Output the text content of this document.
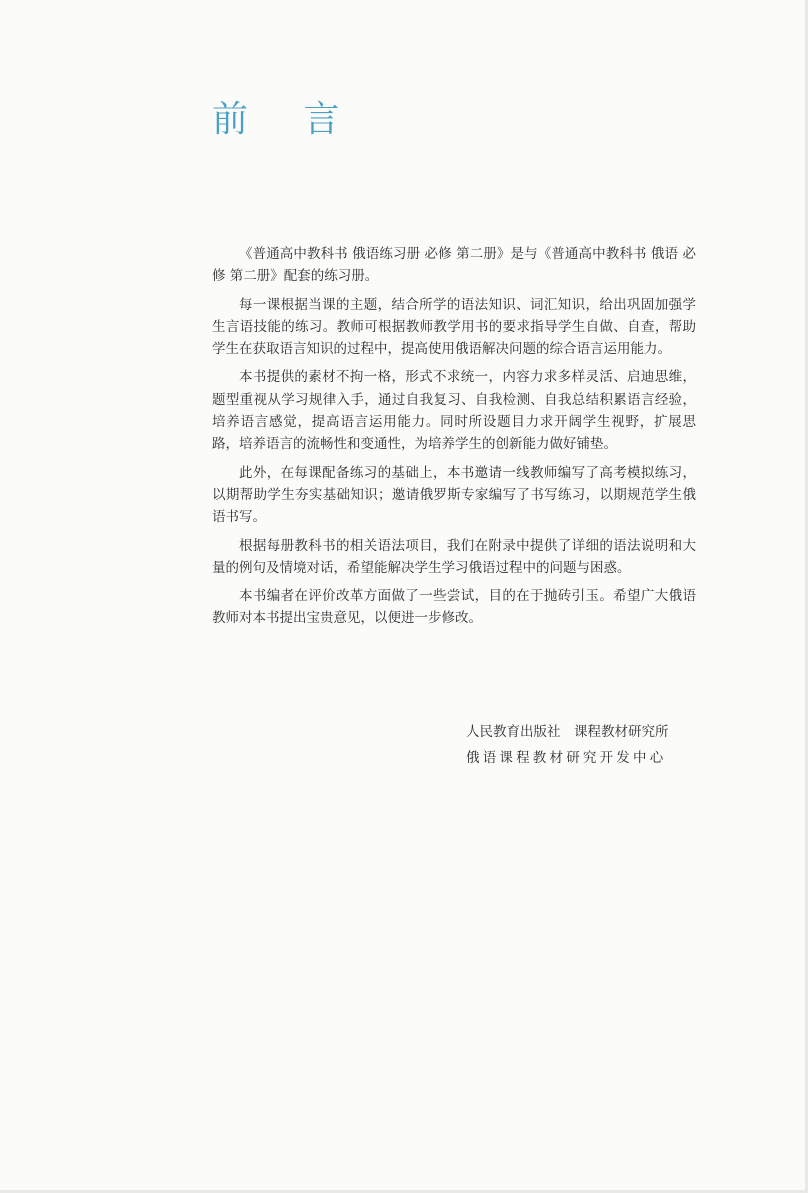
前 言

《普通高中教科书 俄语练习册 必修 第二册》是与《普通高中教科书 俄语 必修 第二册》配套的练习册。

每一课根据当课的主题，结合所学的语法知识、词汇知识，给出巩固加强学生言语技能的练习。教师可根据教师教学用书的要求指导学生自做、自查，帮助学生在获取语言知识的过程中，提高使用俄语解决问题的综合语言运用能力。

本书提供的素材不拘一格，形式不求统一，内容力求多样灵活、启迪思维，题型重视从学习规律入手，通过自我复习、自我检测、自我总结积累语言经验，培养语言感觉，提高语言运用能力。同时所设题目力求开阔学生视野，扩展思路，培养语言的流畅性和变通性，为培养学生的创新能力做好铺垫。

此外，在每课配备练习的基础上，本书邀请一线教师编写了高考模拟练习，以期帮助学生夯实基础知识；邀请俄罗斯专家编写了书写练习，以期规范学生俄语书写。

根据每册教科书的相关语法项目，我们在附录中提供了详细的语法说明和大量的例句及情境对话，希望能解决学生学习俄语过程中的问题与困惑。

本书编者在评价改革方面做了一些尝试，目的在于抛砖引玉。希望广大俄语教师对本书提出宝贵意见，以便进一步修改。

人民教育出版社　课程教材研究所
俄语课程教材研究开发中心
